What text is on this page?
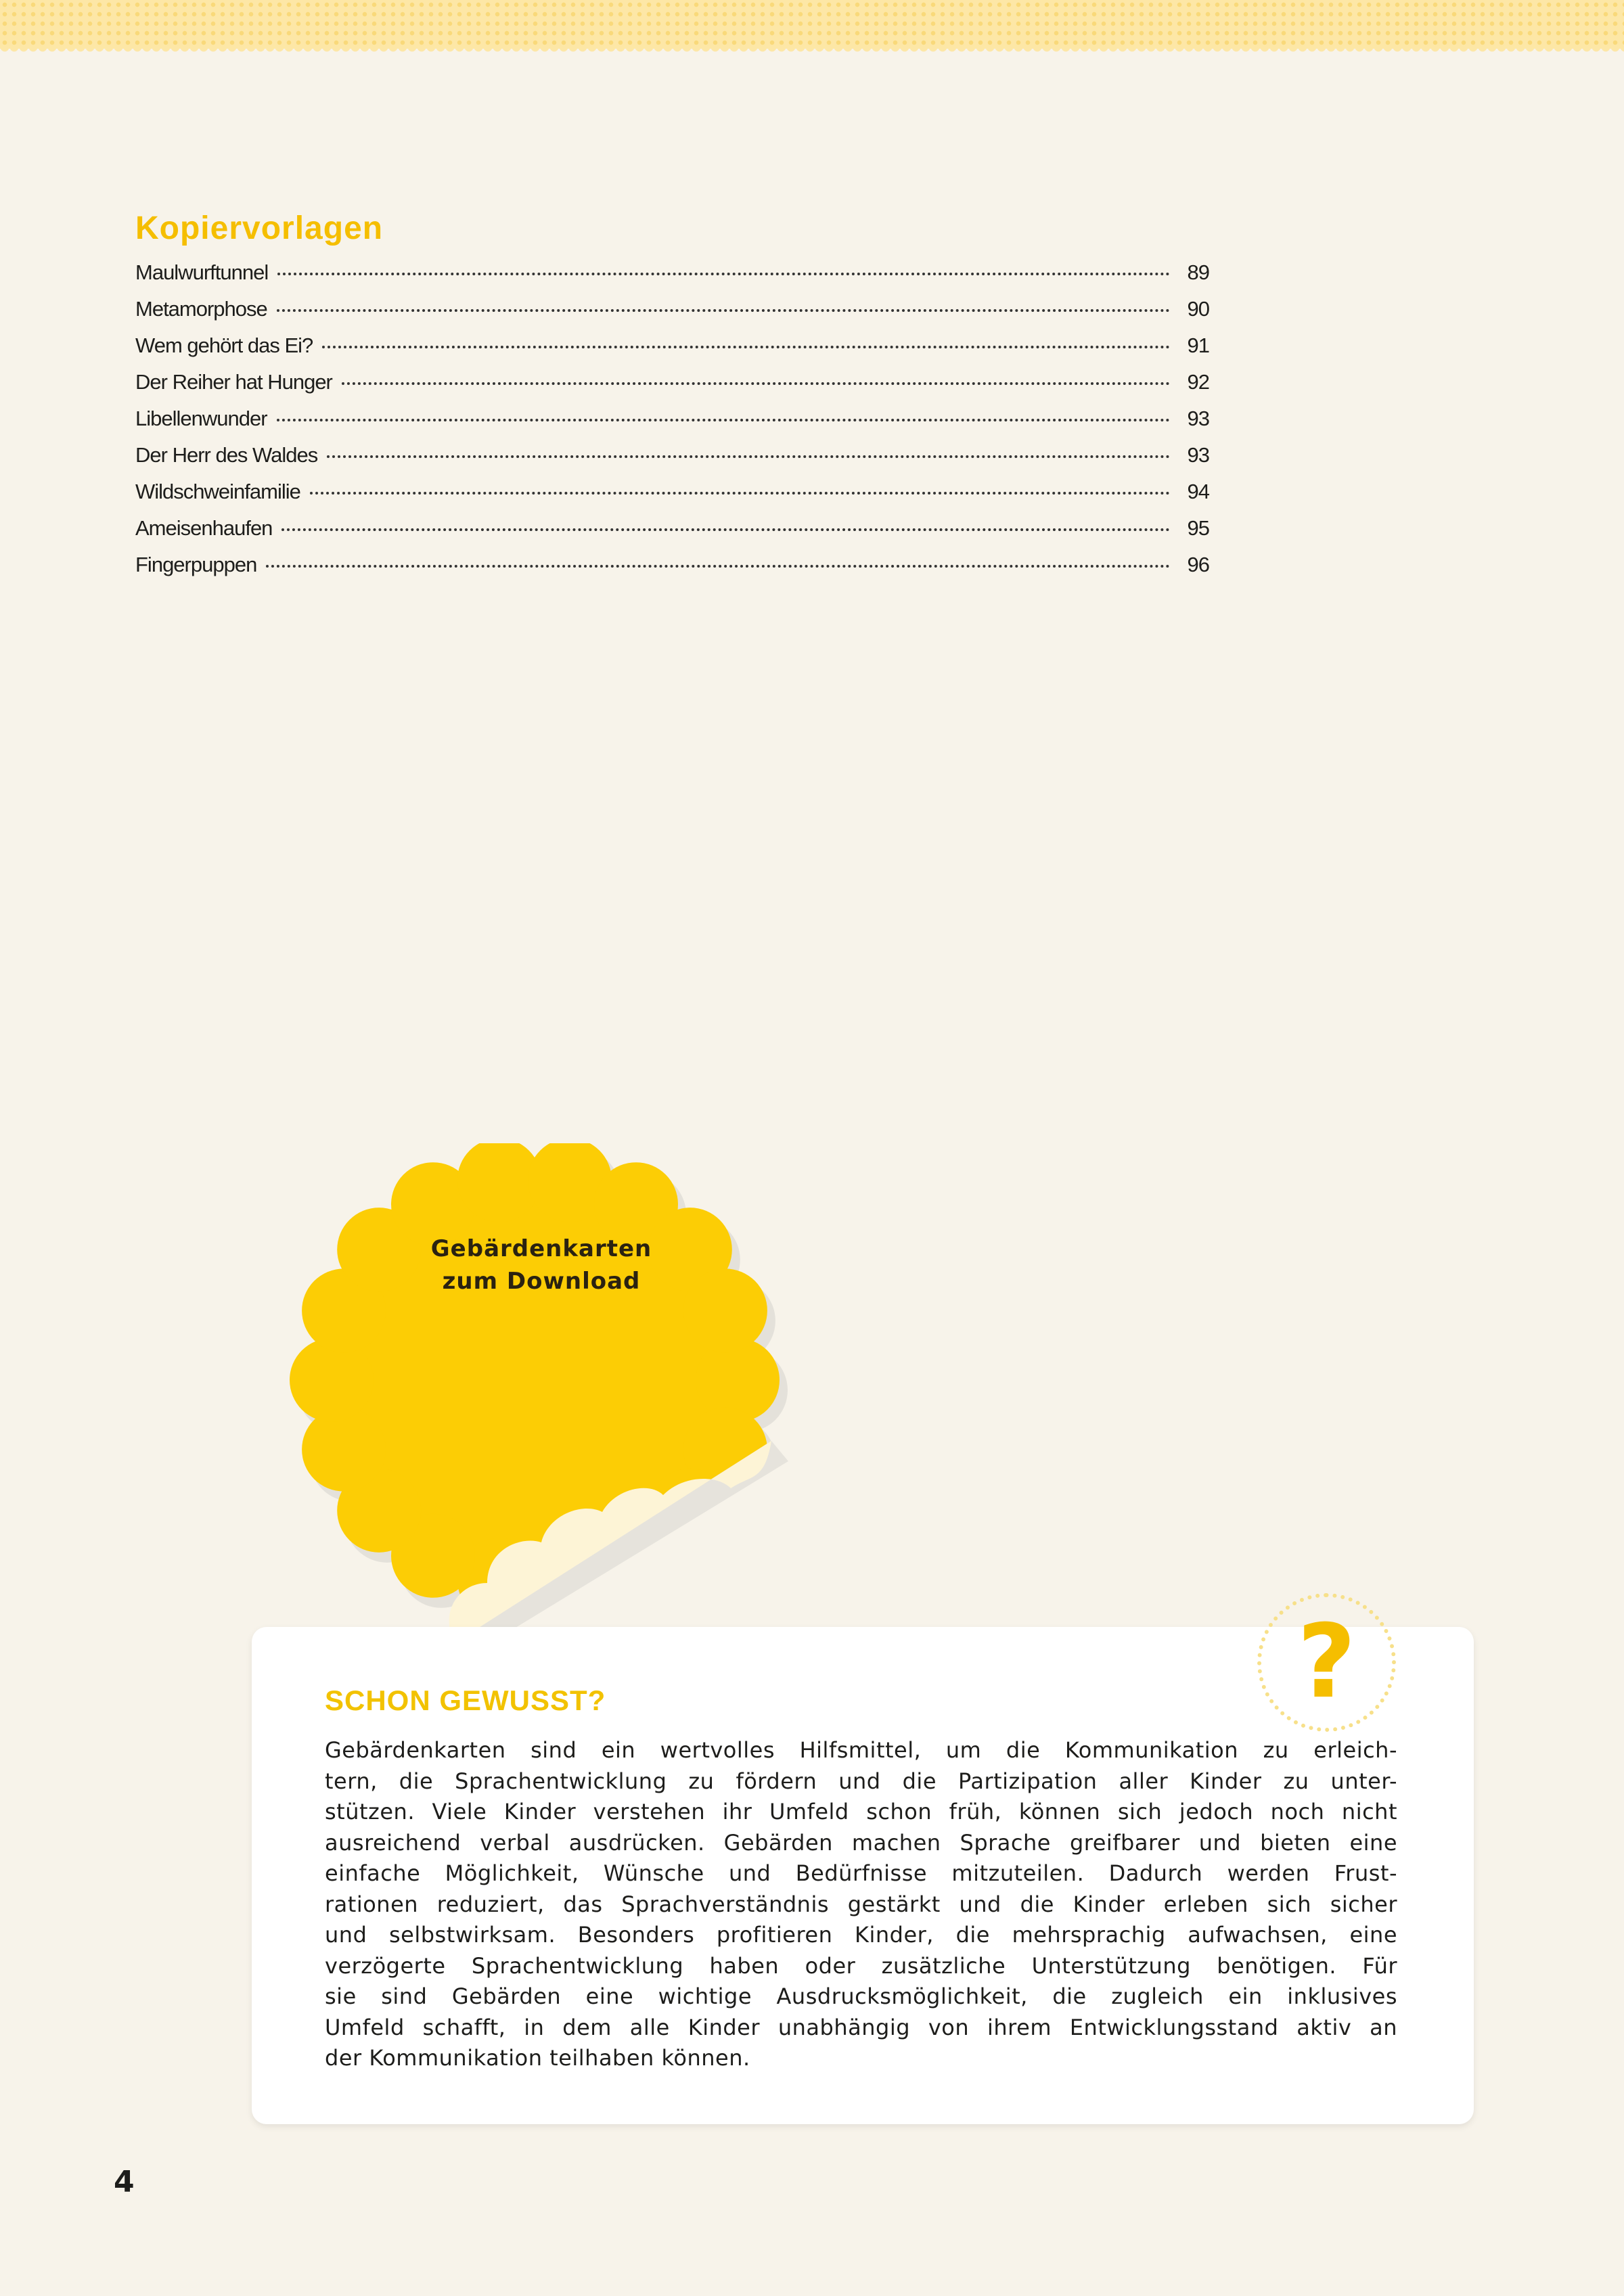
Kopiervorlagen
Maulwurftunnel	89
Metamorphose	90
Wem gehört das Ei?	91
Der Reiher hat Hunger	92
Libellenwunder	93
Der Herr des Waldes	93
Wildschweinfamilie	94
Ameisenhaufen	95
Fingerpuppen	96
Gebärdenkarten
zum Download
?
SCHON GEWUSST?
Gebärdenkarten sind ein wertvolles Hilfsmittel, um die Kommunikation zu erleich-
tern, die Sprachentwicklung zu fördern und die Partizipation aller Kinder zu unter-
stützen. Viele Kinder verstehen ihr Umfeld schon früh, können sich jedoch noch nicht
ausreichend verbal ausdrücken. Gebärden machen Sprache greifbarer und bieten eine
einfache Möglichkeit, Wünsche und Bedürfnisse mitzuteilen. Dadurch werden Frust-
rationen reduziert, das Sprachverständnis gestärkt und die Kinder erleben sich sicher
und selbstwirksam. Besonders profitieren Kinder, die mehrsprachig aufwachsen, eine
verzögerte Sprachentwicklung haben oder zusätzliche Unterstützung benötigen. Für
sie sind Gebärden eine wichtige Ausdrucksmöglichkeit, die zugleich ein inklusives
Umfeld schafft, in dem alle Kinder unabhängig von ihrem Entwicklungsstand aktiv an
der Kommunikation teilhaben können.
4
